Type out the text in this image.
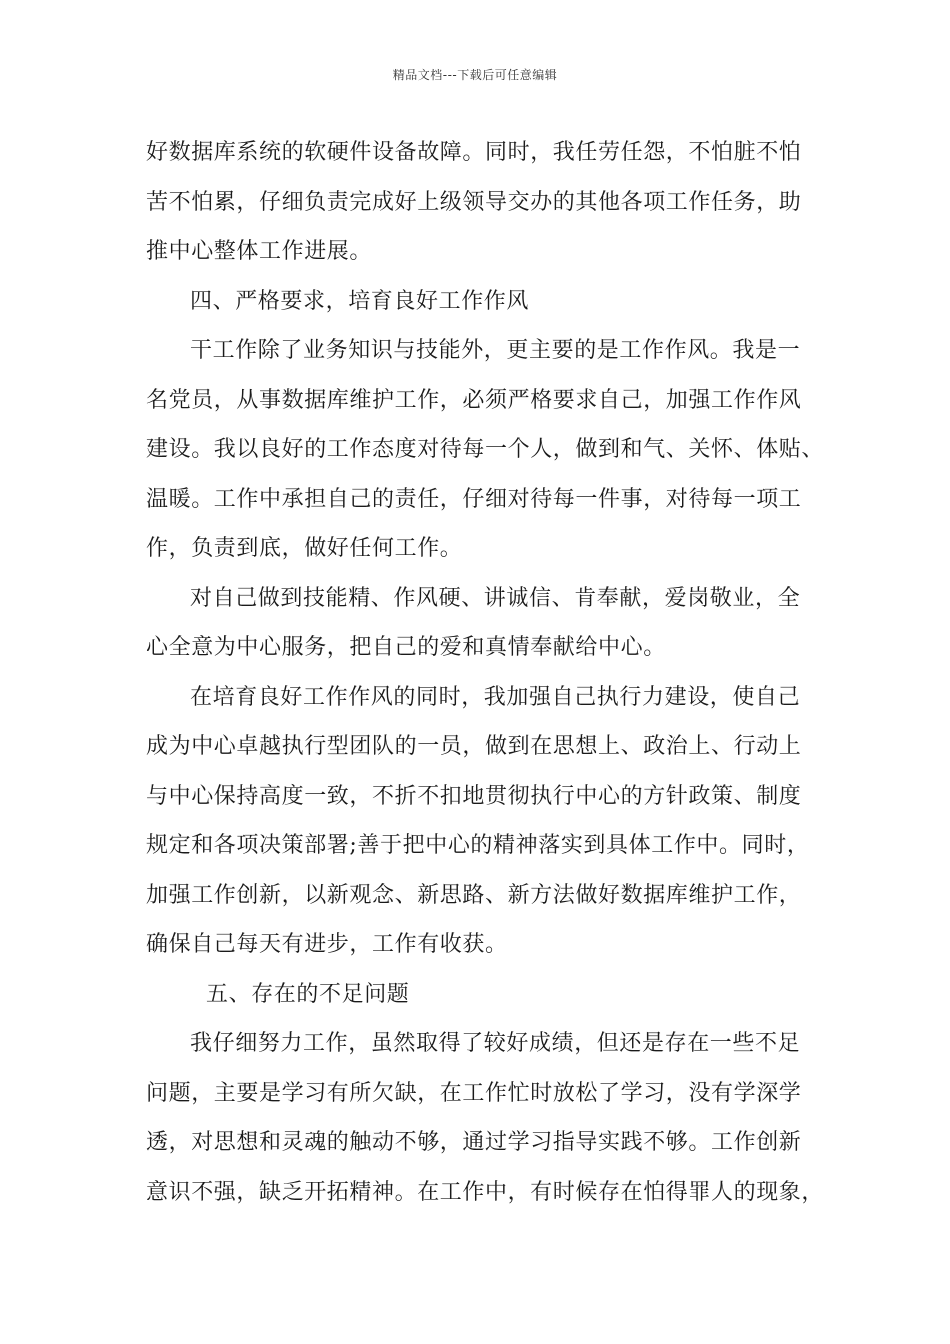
精品文档---下载后可任意编辑
好数据库系统的软硬件设备故障。同时，我任劳任怨，不怕脏不怕
苦不怕累，仔细负责完成好上级领导交办的其他各项工作任务，助
推中心整体工作进展。
四、严格要求，培育良好工作作风
干工作除了业务知识与技能外，更主要的是工作作风。我是一
名党员，从事数据库维护工作，必须严格要求自己，加强工作作风
建设。我以良好的工作态度对待每一个人，做到和气、关怀、体贴、
温暖。工作中承担自己的责任，仔细对待每一件事，对待每一项工
作，负责到底，做好任何工作。
对自己做到技能精、作风硬、讲诚信、肯奉献，爱岗敬业，全
心全意为中心服务，把自己的爱和真情奉献给中心。
在培育良好工作作风的同时，我加强自己执行力建设，使自己
成为中心卓越执行型团队的一员，做到在思想上、政治上、行动上
与中心保持高度一致，不折不扣地贯彻执行中心的方针政策、制度
规定和各项决策部署;善于把中心的精神落实到具体工作中。同时，
加强工作创新，以新观念、新思路、新方法做好数据库维护工作，
确保自己每天有进步，工作有收获。
五、存在的不足问题
我仔细努力工作，虽然取得了较好成绩，但还是存在一些不足
问题，主要是学习有所欠缺，在工作忙时放松了学习，没有学深学
透，对思想和灵魂的触动不够，通过学习指导实践不够。工作创新
意识不强，缺乏开拓精神。在工作中，有时候存在怕得罪人的现象，
